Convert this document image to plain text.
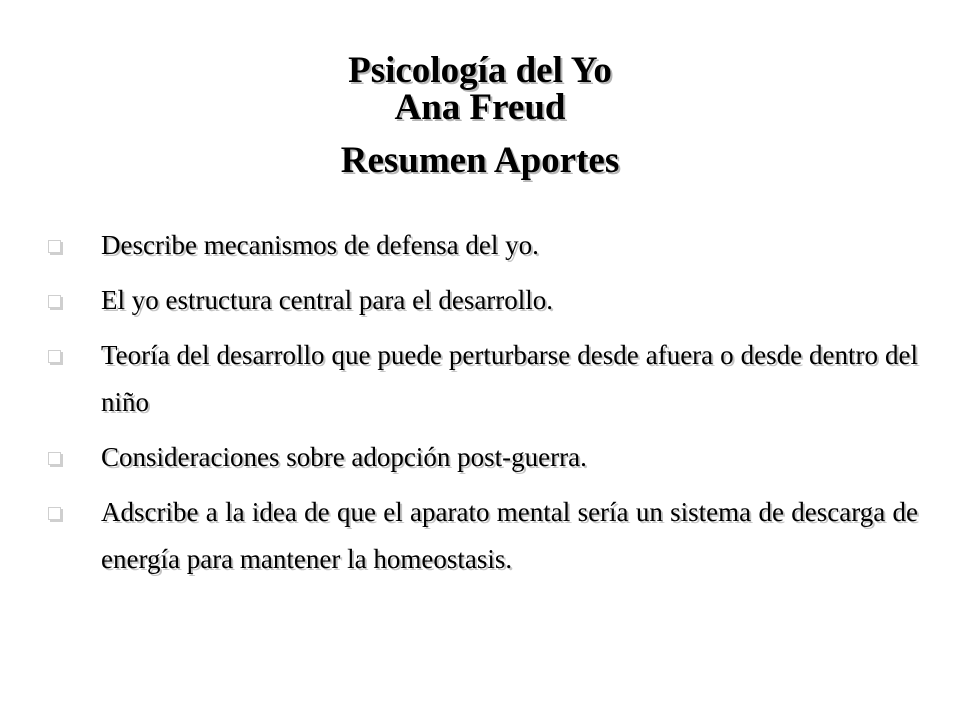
Psicología del Yo
Ana Freud
Resumen Aportes
Describe mecanismos de defensa del yo.
El yo estructura central para el desarrollo.
Teoría del desarrollo que puede perturbarse desde afuera o desde dentro del niño
Consideraciones sobre adopción post-guerra.
Adscribe a la idea de que el aparato mental sería un sistema de descarga de energía para mantener la homeostasis.
